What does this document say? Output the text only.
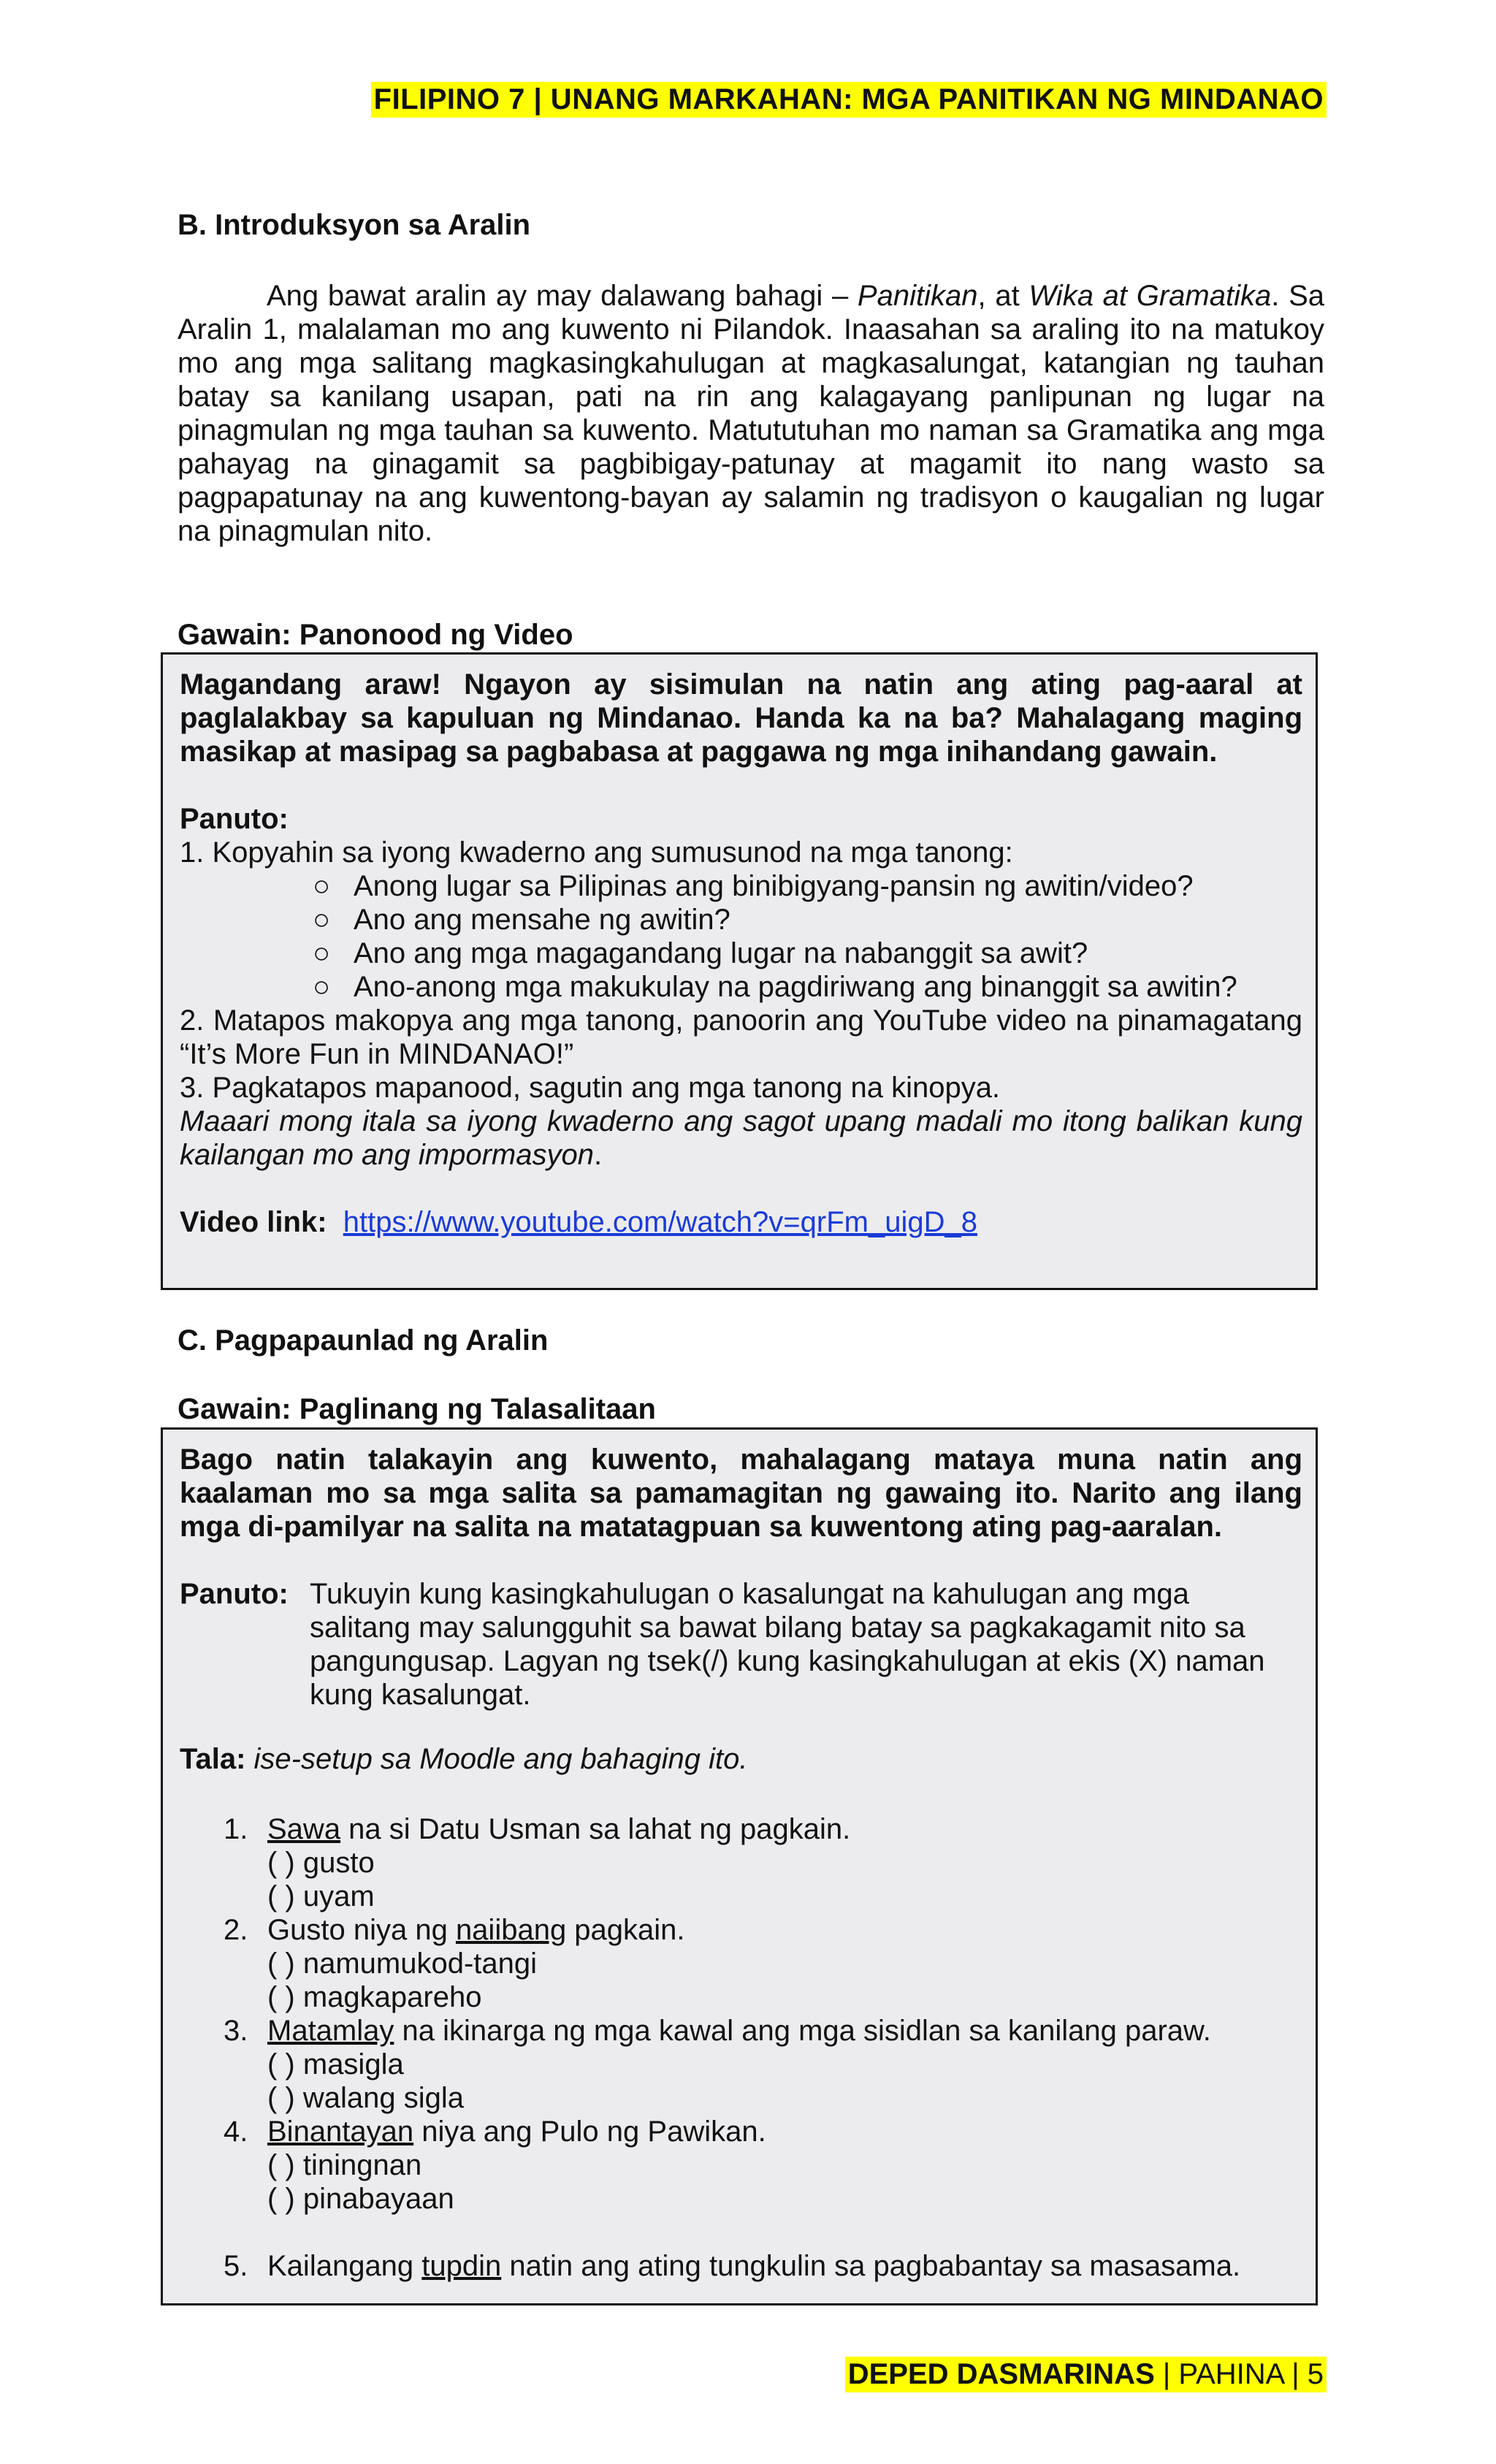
FILIPINO 7 | UNANG MARKAHAN: MGA PANITIKAN NG MINDANAO
B. Introduksyon sa Aralin
Ang bawat aralin ay may dalawang bahagi – Panitikan, at Wika at Gramatika. Sa Aralin 1, malalaman mo ang kuwento ni Pilandok. Inaasahan sa araling ito na matukoy mo ang mga salitang magkasingkahulugan at magkasalungat, katangian ng tauhan batay sa kanilang usapan, pati na rin ang kalagayang panlipunan ng lugar na pinagmulan ng mga tauhan sa kuwento. Matututuhan mo naman sa Gramatika ang mga pahayag na ginagamit sa pagbibigay-patunay at magamit ito nang wasto sa pagpapatunay na ang kuwentong-bayan ay salamin ng tradisyon o kaugalian ng lugar na pinagmulan nito.
Gawain: Panonood ng Video
Magandang araw! Ngayon ay sisimulan na natin ang ating pag-aaral at paglalakbay sa kapuluan ng Mindanao. Handa ka na ba? Mahalagang maging masikap at masipag sa pagbabasa at paggawa ng mga inihandang gawain.
Panuto:
1. Kopyahin sa iyong kwaderno ang sumusunod na mga tanong:
○ Anong lugar sa Pilipinas ang binibigyang-pansin ng awitin/video?
○ Ano ang mensahe ng awitin?
○ Ano ang mga magagandang lugar na nabanggit sa awit?
○ Ano-anong mga makukulay na pagdiriwang ang binanggit sa awitin?
2. Matapos makopya ang mga tanong, panoorin ang YouTube video na pinamagatang “It’s More Fun in MINDANAO!”
3. Pagkatapos mapanood, sagutin ang mga tanong na kinopya.
Maaari mong itala sa iyong kwaderno ang sagot upang madali mo itong balikan kung kailangan mo ang impormasyon.
Video link: https://www.youtube.com/watch?v=qrFm_uigD_8
C. Pagpapaunlad ng Aralin
Gawain: Paglinang ng Talasalitaan
Bago natin talakayin ang kuwento, mahalagang mataya muna natin ang kaalaman mo sa mga salita sa pamamagitan ng gawaing ito. Narito ang ilang mga di-pamilyar na salita na matatagpuan sa kuwentong ating pag-aaralan.
Panuto: Tukuyin kung kasingkahulugan o kasalungat na kahulugan ang mga
salitang may salungguhit sa bawat bilang batay sa pagkakagamit nito sa
pangungusap. Lagyan ng tsek(/) kung kasingkahulugan at ekis (X) naman
kung kasalungat.
Tala: ise-setup sa Moodle ang bahaging ito.
1. Sawa na si Datu Usman sa lahat ng pagkain.
( ) gusto
( ) uyam
2. Gusto niya ng naiibang pagkain.
( ) namumukod-tangi
( ) magkapareho
3. Matamlay na ikinarga ng mga kawal ang mga sisidlan sa kanilang paraw.
( ) masigla
( ) walang sigla
4. Binantayan niya ang Pulo ng Pawikan.
( ) tiningnan
( ) pinabayaan
5. Kailangang tupdin natin ang ating tungkulin sa pagbabantay sa masasama.
DEPED DASMARINAS | PAHINA | 5
